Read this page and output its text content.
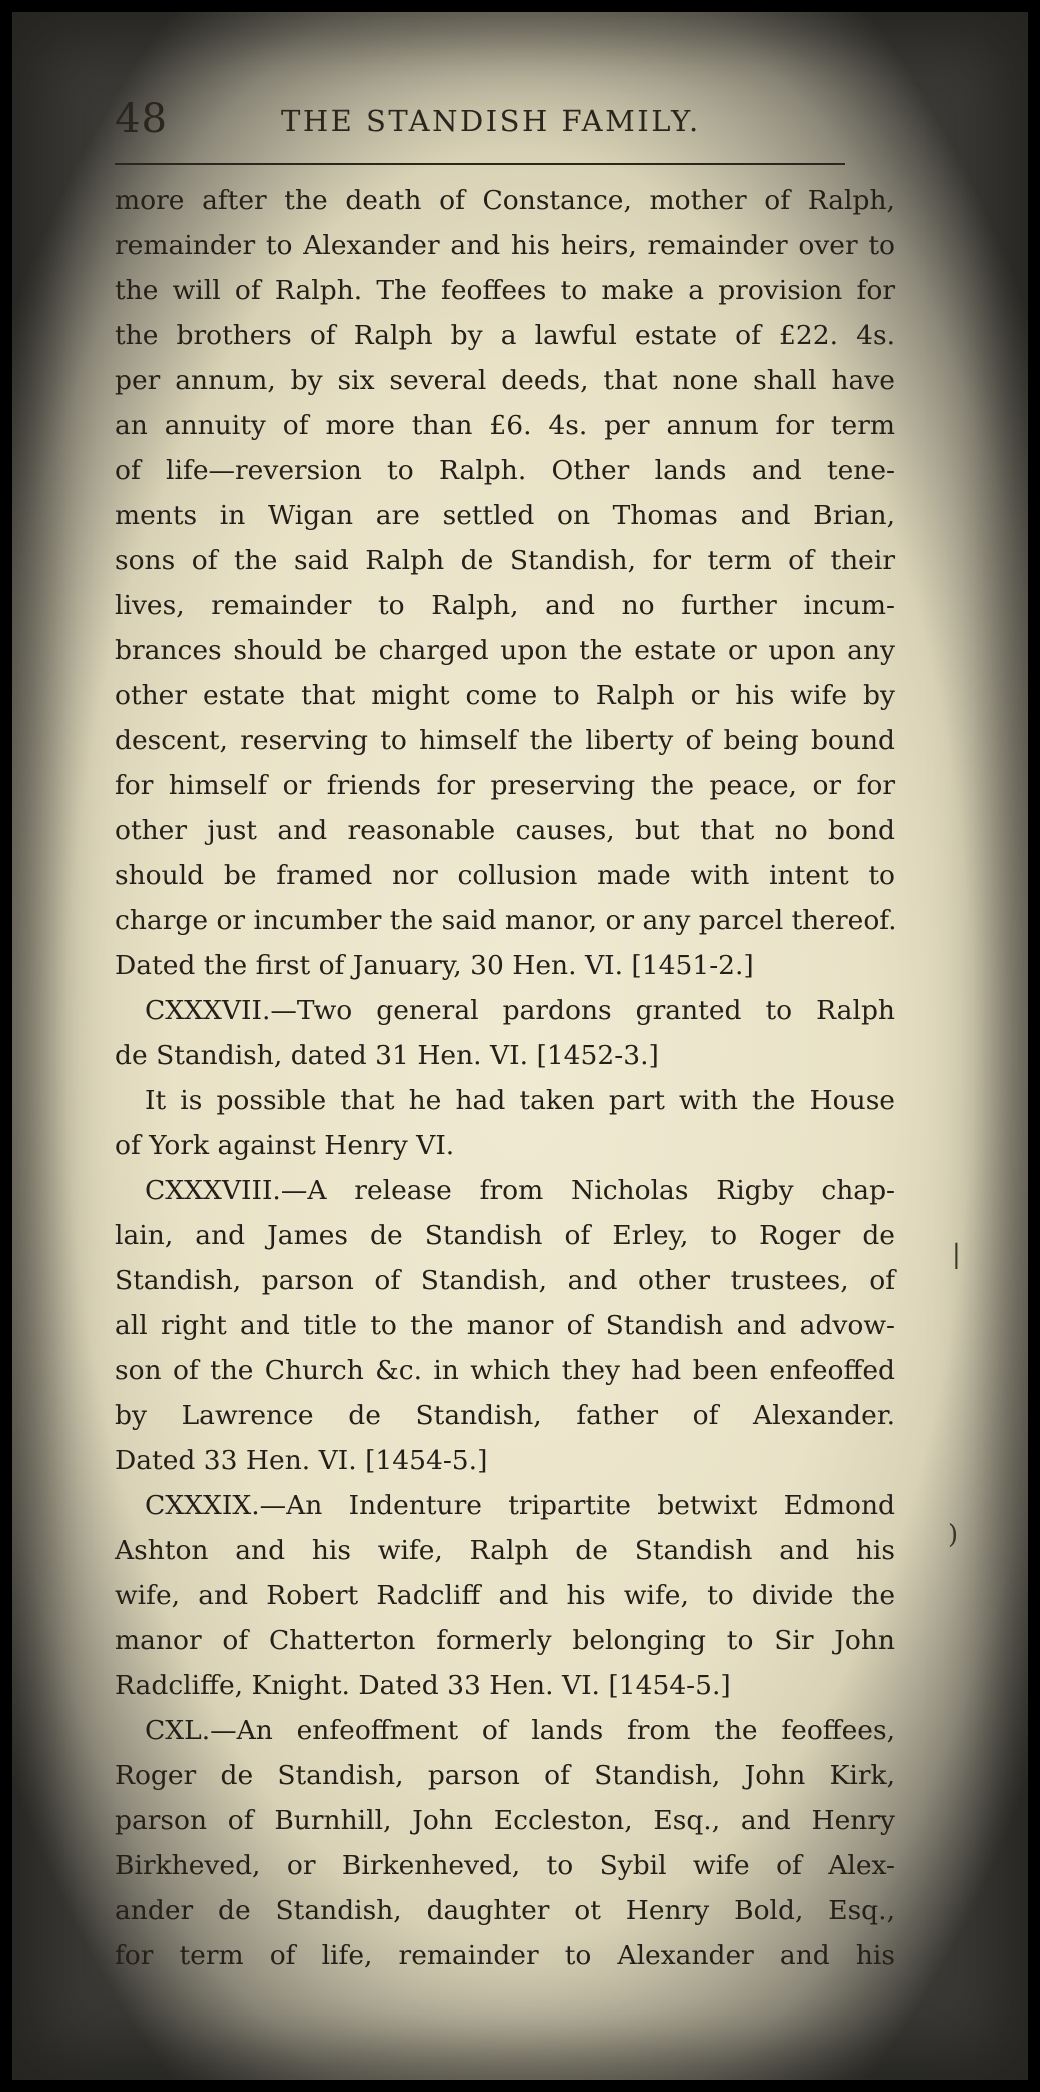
48	THE STANDISH FAMILY.
more after the death of Constance, mother of Ralph,
remainder to Alexander and his heirs, remainder over to
the will of Ralph. The feoffees to make a provision for
the brothers of Ralph by a lawful estate of £22. 4s.
per annum, by six several deeds, that none shall have
an annuity of more than £6. 4s. per annum for term
of life—reversion to Ralph. Other lands and tene-
ments in Wigan are settled on Thomas and Brian,
sons of the said Ralph de Standish, for term of their
lives, remainder to Ralph, and no further incum-
brances should be charged upon the estate or upon any
other estate that might come to Ralph or his wife by
descent, reserving to himself the liberty of being bound
for himself or friends for preserving the peace, or for
other just and reasonable causes, but that no bond
should be framed nor collusion made with intent to
charge or incumber the said manor, or any parcel thereof.
Dated the first of January, 30 Hen. VI. [1451-2.]
CXXXVII.—Two general pardons granted to Ralph
de Standish, dated 31 Hen. VI. [1452-3.]
It is possible that he had taken part with the House
of York against Henry VI.
CXXXVIII.—A release from Nicholas Rigby chap-
lain, and James de Standish of Erley, to Roger de
Standish, parson of Standish, and other trustees, of
all right and title to the manor of Standish and advow-
son of the Church &c. in which they had been enfeoffed
by Lawrence de Standish, father of Alexander.
Dated 33 Hen. VI. [1454-5.]
CXXXIX.—An Indenture tripartite betwixt Edmond
Ashton and his wife, Ralph de Standish and his
wife, and Robert Radcliff and his wife, to divide the
manor of Chatterton formerly belonging to Sir John
Radcliffe, Knight. Dated 33 Hen. VI. [1454-5.]
CXL.—An enfeoffment of lands from the feoffees,
Roger de Standish, parson of Standish, John Kirk,
parson of Burnhill, John Eccleston, Esq., and Henry
Birkheved, or Birkenheved, to Sybil wife of Alex-
ander de Standish, daughter ot Henry Bold, Esq.,
for term of life, remainder to Alexander and his
|
)
